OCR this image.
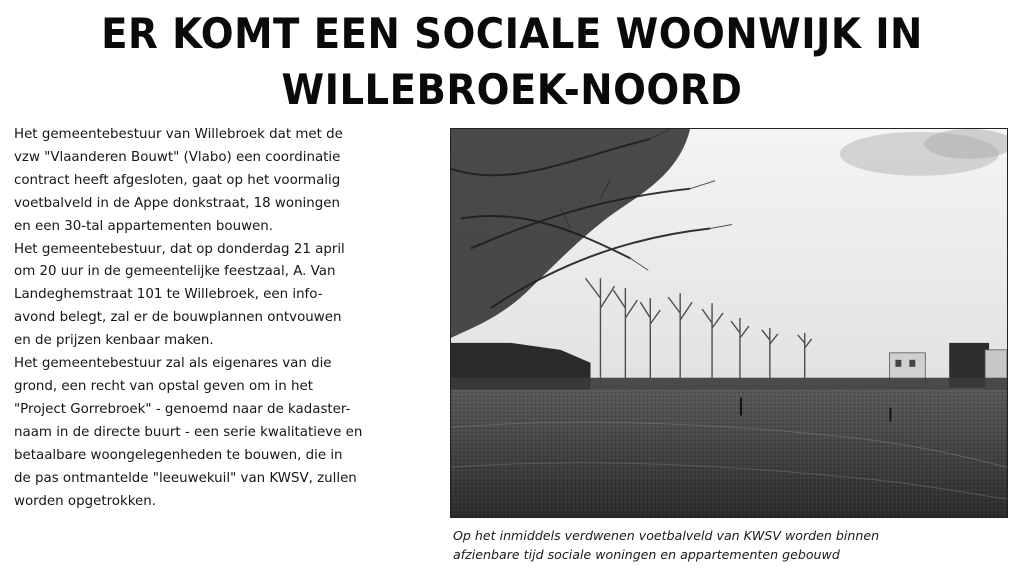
ER KOMT EEN SOCIALE WOONWIJK IN
WILLEBROEK-NOORD

Het gemeentebestuur van Willebroek dat met de
vzw "Vlaanderen Bouwt" (Vlabo) een coordinatie
contract heeft afgesloten, gaat op het voormalig
voetbalveld in de Appe donkstraat, 18 woningen
en een 30-tal appartementen bouwen.

Het gemeentebestuur, dat op donderdag 21 april
om 20 uur in de gemeentelijke feestzaal, A. Van
Landeghemstraat 101 te Willebroek, een info-
avond belegt, zal er de bouwplannen ontvouwen
en de prijzen kenbaar maken.

Het gemeentebestuur zal als eigenares van die
grond, een recht van opstal geven om in het
"Project Gorrebroek" - genoemd naar de kadaster-
naam in de directe buurt - een serie kwalitatieve en
betaalbare woongelegenheden te bouwen, die in
de pas ontmantelde "leeuwekuil" van KWSV, zullen
worden opgetrokken.

Op het inmiddels verdwenen voetbalveld van KWSV worden binnen
afzienbare tijd sociale woningen en appartementen gebouwd
